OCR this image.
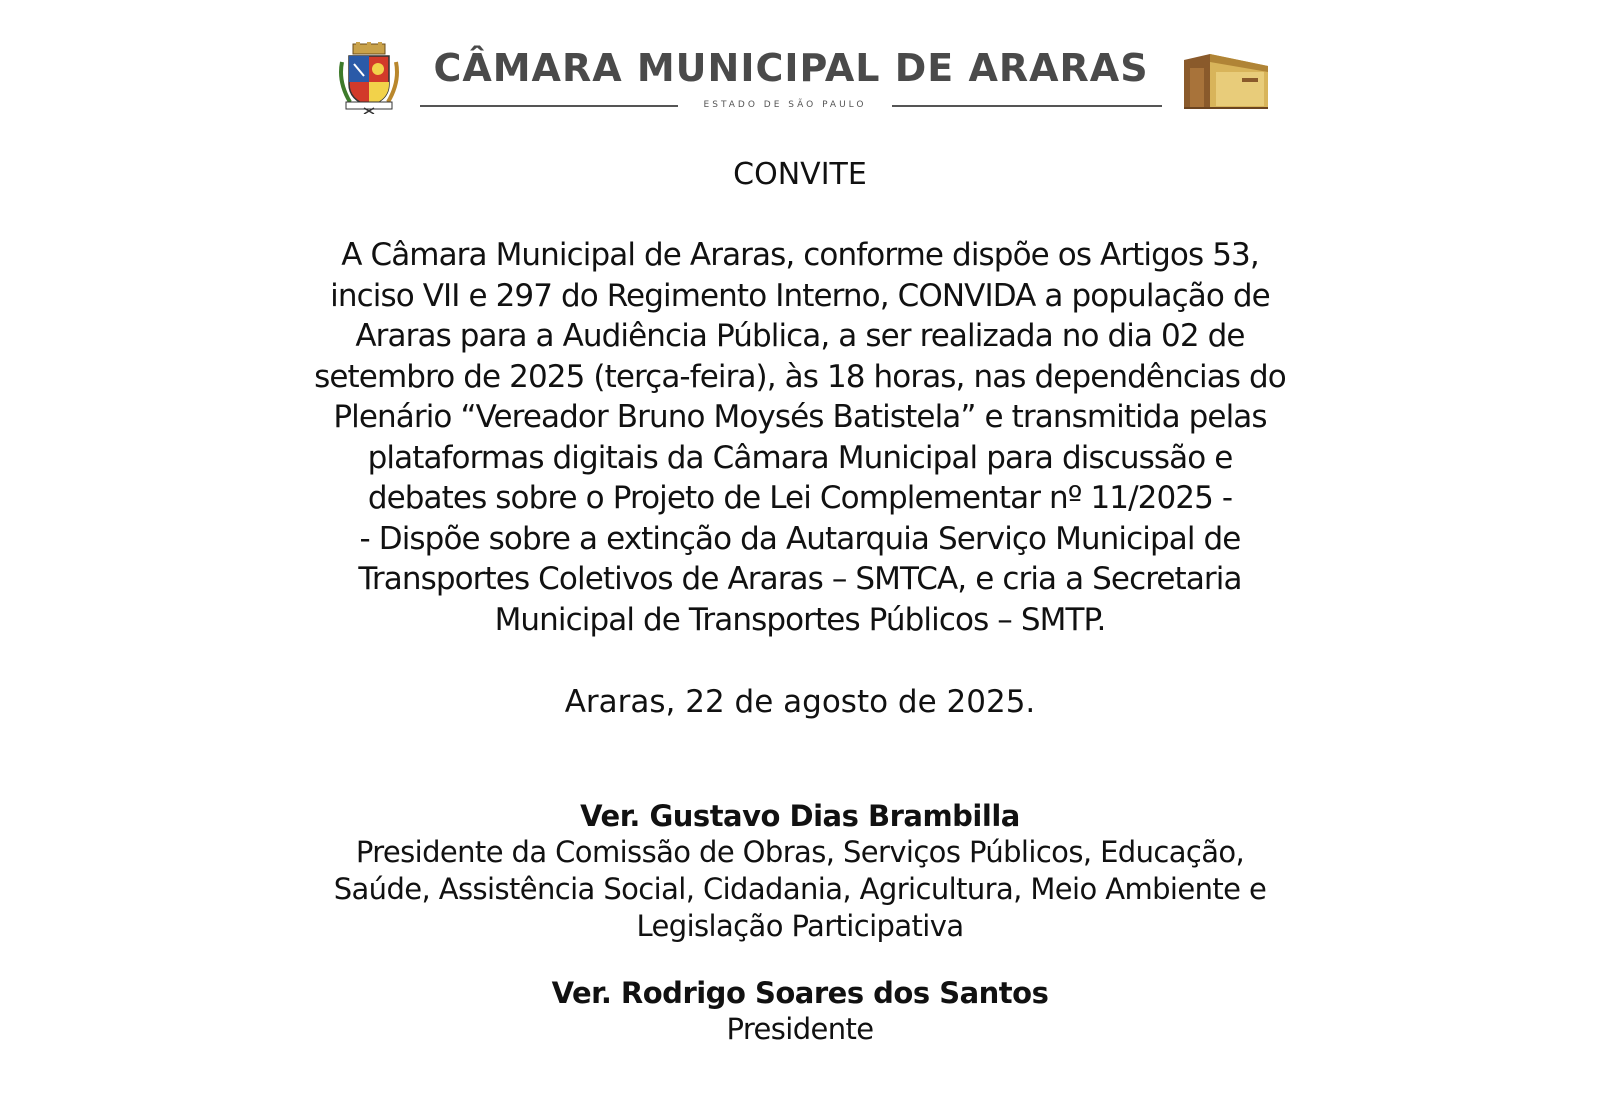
CÂMARA MUNICIPAL DE ARARAS
ESTADO DE SÃO PAULO
CONVITE
A Câmara Municipal de Araras, conforme dispõe os Artigos 53,
inciso VII e 297 do Regimento Interno, CONVIDA a população de
Araras para a Audiência Pública, a ser realizada no dia 02 de
setembro de 2025 (terça-feira), às 18 horas, nas dependências do
Plenário “Vereador Bruno Moysés Batistela” e transmitida pelas
plataformas digitais da Câmara Municipal para discussão e
debates sobre o Projeto de Lei Complementar nº 11/2025 -
- Dispõe sobre a extinção da Autarquia Serviço Municipal de
Transportes Coletivos de Araras – SMTCA, e cria a Secretaria
Municipal de Transportes Públicos – SMTP.
Araras, 22 de agosto de 2025.
Ver. Gustavo Dias Brambilla
Presidente da Comissão de Obras, Serviços Públicos, Educação,
Saúde, Assistência Social, Cidadania, Agricultura, Meio Ambiente e
Legislação Participativa
Ver. Rodrigo Soares dos Santos
Presidente
